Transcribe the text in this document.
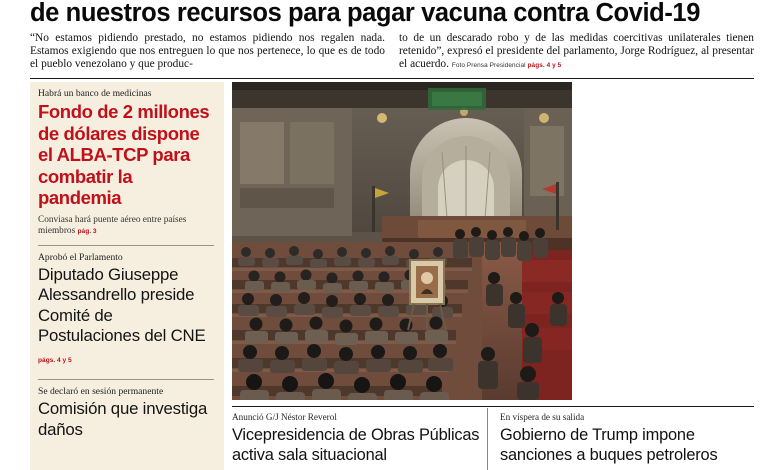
de nuestros recursos para pagar vacuna contra Covid-19
“No estamos pidiendo prestado, no estamos pidiendo nos regalen nada. Estamos exigiendo que nos entreguen lo que nos pertenece, lo que es de todo el pueblo venezolano y que produc-
to de un descarado robo y de las medidas coercitivas unilaterales tienen retenido”, expresó el presidente del parlamento, Jorge Rodríguez, al presentar el acuerdo. Foto Prensa Presidencial págs. 4 y 5
Habrá un banco de medicinas
Fondo de 2 millones de dólares dispone el ALBA-TCP para combatir la pandemia
Conviasa hará puente aéreo entre países miembros pág. 3
Aprobó el Parlamento
Diputado Giuseppe Alessandrello preside Comité de Postulaciones del CNE págs. 4 y 5
Se declaró en sesión permanente
Comisión que investiga daños
Anunció G/J Néstor Reverol
Vicepresidencia de Obras Públicas activa sala situacional
En víspera de su salida
Gobierno de Trump impone sanciones a buques petroleros
